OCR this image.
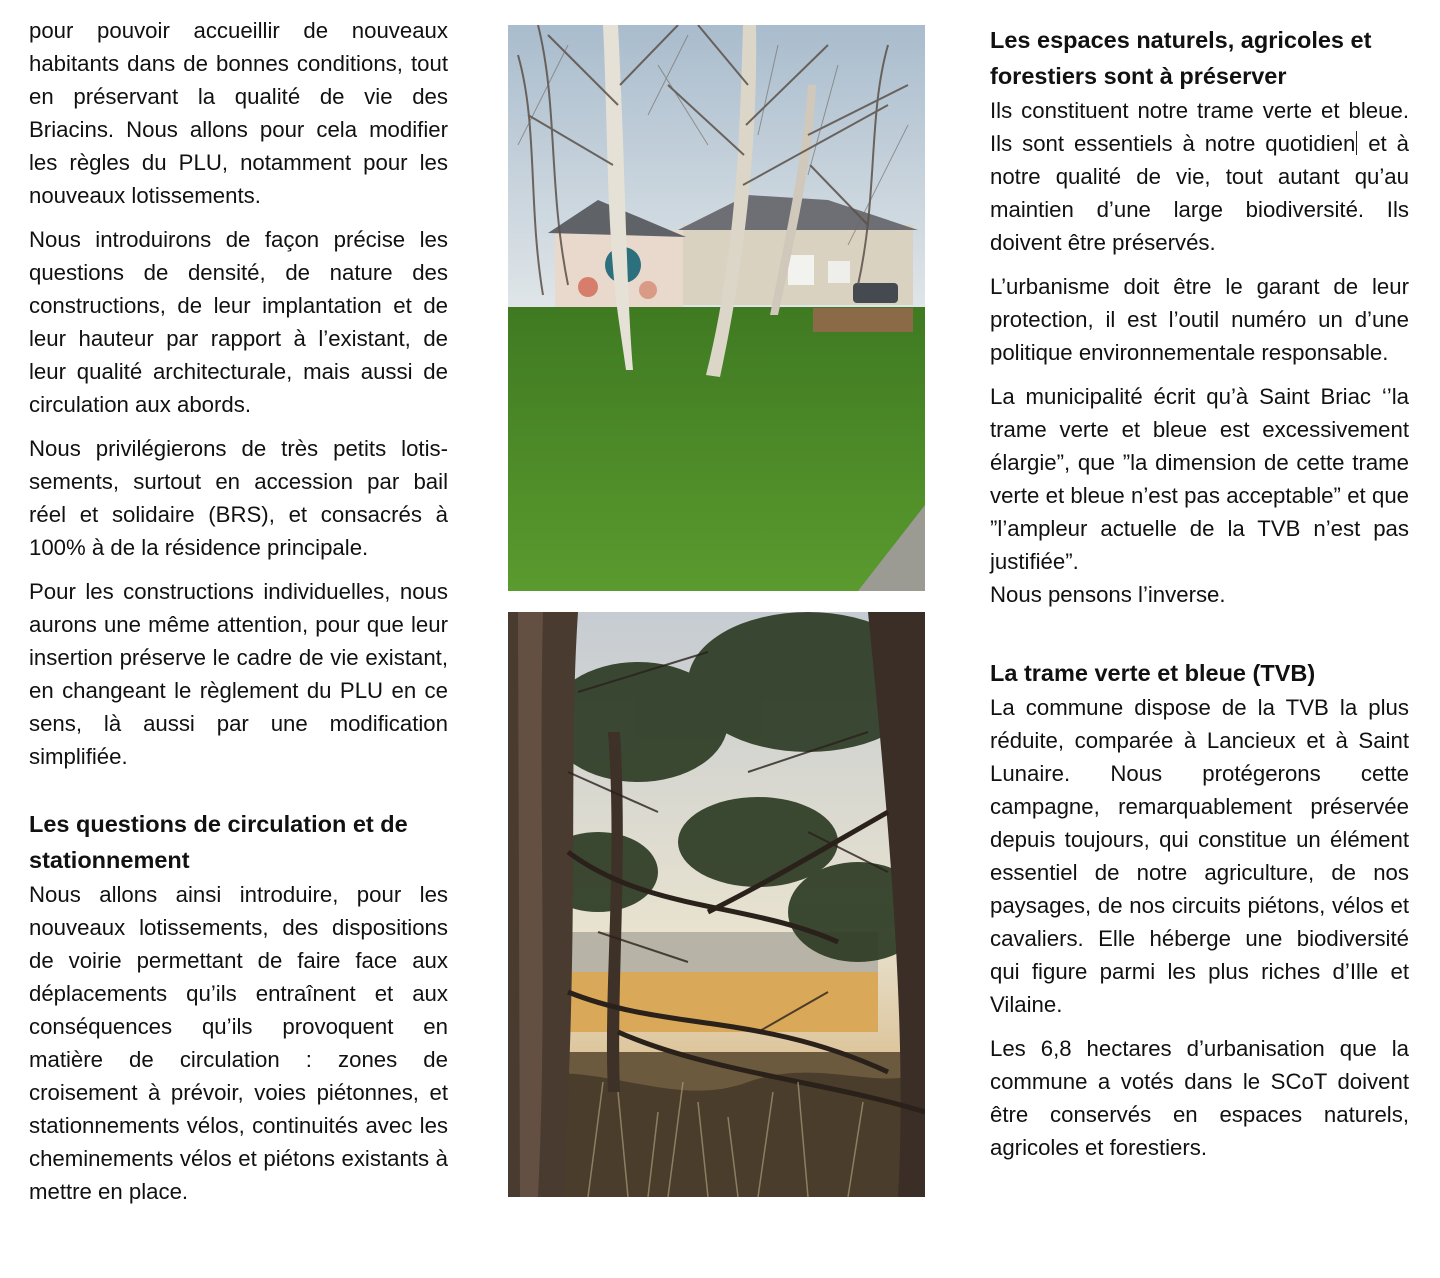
pour pouvoir accueillir de nouveaux habitants dans de bonnes conditions, tout en préservant la qualité de vie des Briacins. Nous allons pour cela modifier les règles du PLU, notamment pour les nouveaux lotissements.

Nous introduirons de façon précise les questions de densité, de nature des constructions, de leur implantation et de leur hauteur par rapport à l’existant, de leur qualité architecturale, mais aussi de circulation aux abords.

Nous privilégierons de très petits lotissements, surtout en accession par bail réel et solidaire (BRS), et consacrés à 100% à de la résidence principale.

Pour les constructions individuelles, nous aurons une même attention, pour que leur insertion préserve le cadre de vie existant, en changeant le règlement du PLU en ce sens, là aussi par une modification simplifiée.

Les questions de circulation et de stationnement

Nous allons ainsi introduire, pour les nouveaux lotissements, des dispositions de voirie permettant de faire face aux déplacements qu’ils entraînent et aux conséquences qu’ils provoquent en matière de circulation : zones de croisement à prévoir, voies piétonnes, et stationnements vélos, continuités avec les cheminements vélos et piétons existants à mettre en place.

Les espaces naturels, agricoles et forestiers sont à préserver

Ils constituent notre trame verte et bleue. Ils sont essentiels à notre quotidien et à notre qualité de vie, tout autant qu’au maintien d’une large biodiversité. Ils doivent être préservés.

L’urbanisme doit être le garant de leur protection, il est l’outil numéro un d’une politique environnementale responsable.

La municipalité écrit qu’à Saint Briac ‘’la trame verte et bleue est excessivement élargie”, que ”la dimension de cette trame verte et bleue n’est pas acceptable” et que ”l’ampleur actuelle de la TVB n’est pas justifiée”.

Nous pensons l’inverse.

La trame verte et bleue (TVB)

La commune dispose de la TVB la plus réduite, comparée à Lancieux et à Saint Lunaire. Nous protégerons cette campagne, remarquablement préservée depuis toujours, qui constitue un élément essentiel de notre agriculture, de nos paysages, de nos circuits piétons, vélos et cavaliers. Elle héberge une biodiversité qui figure parmi les plus riches d’Ille et Vilaine.

Les 6,8 hectares d’urbanisation que la commune a votés dans le SCoT doivent être conservés en espaces naturels, agricoles et forestiers.
